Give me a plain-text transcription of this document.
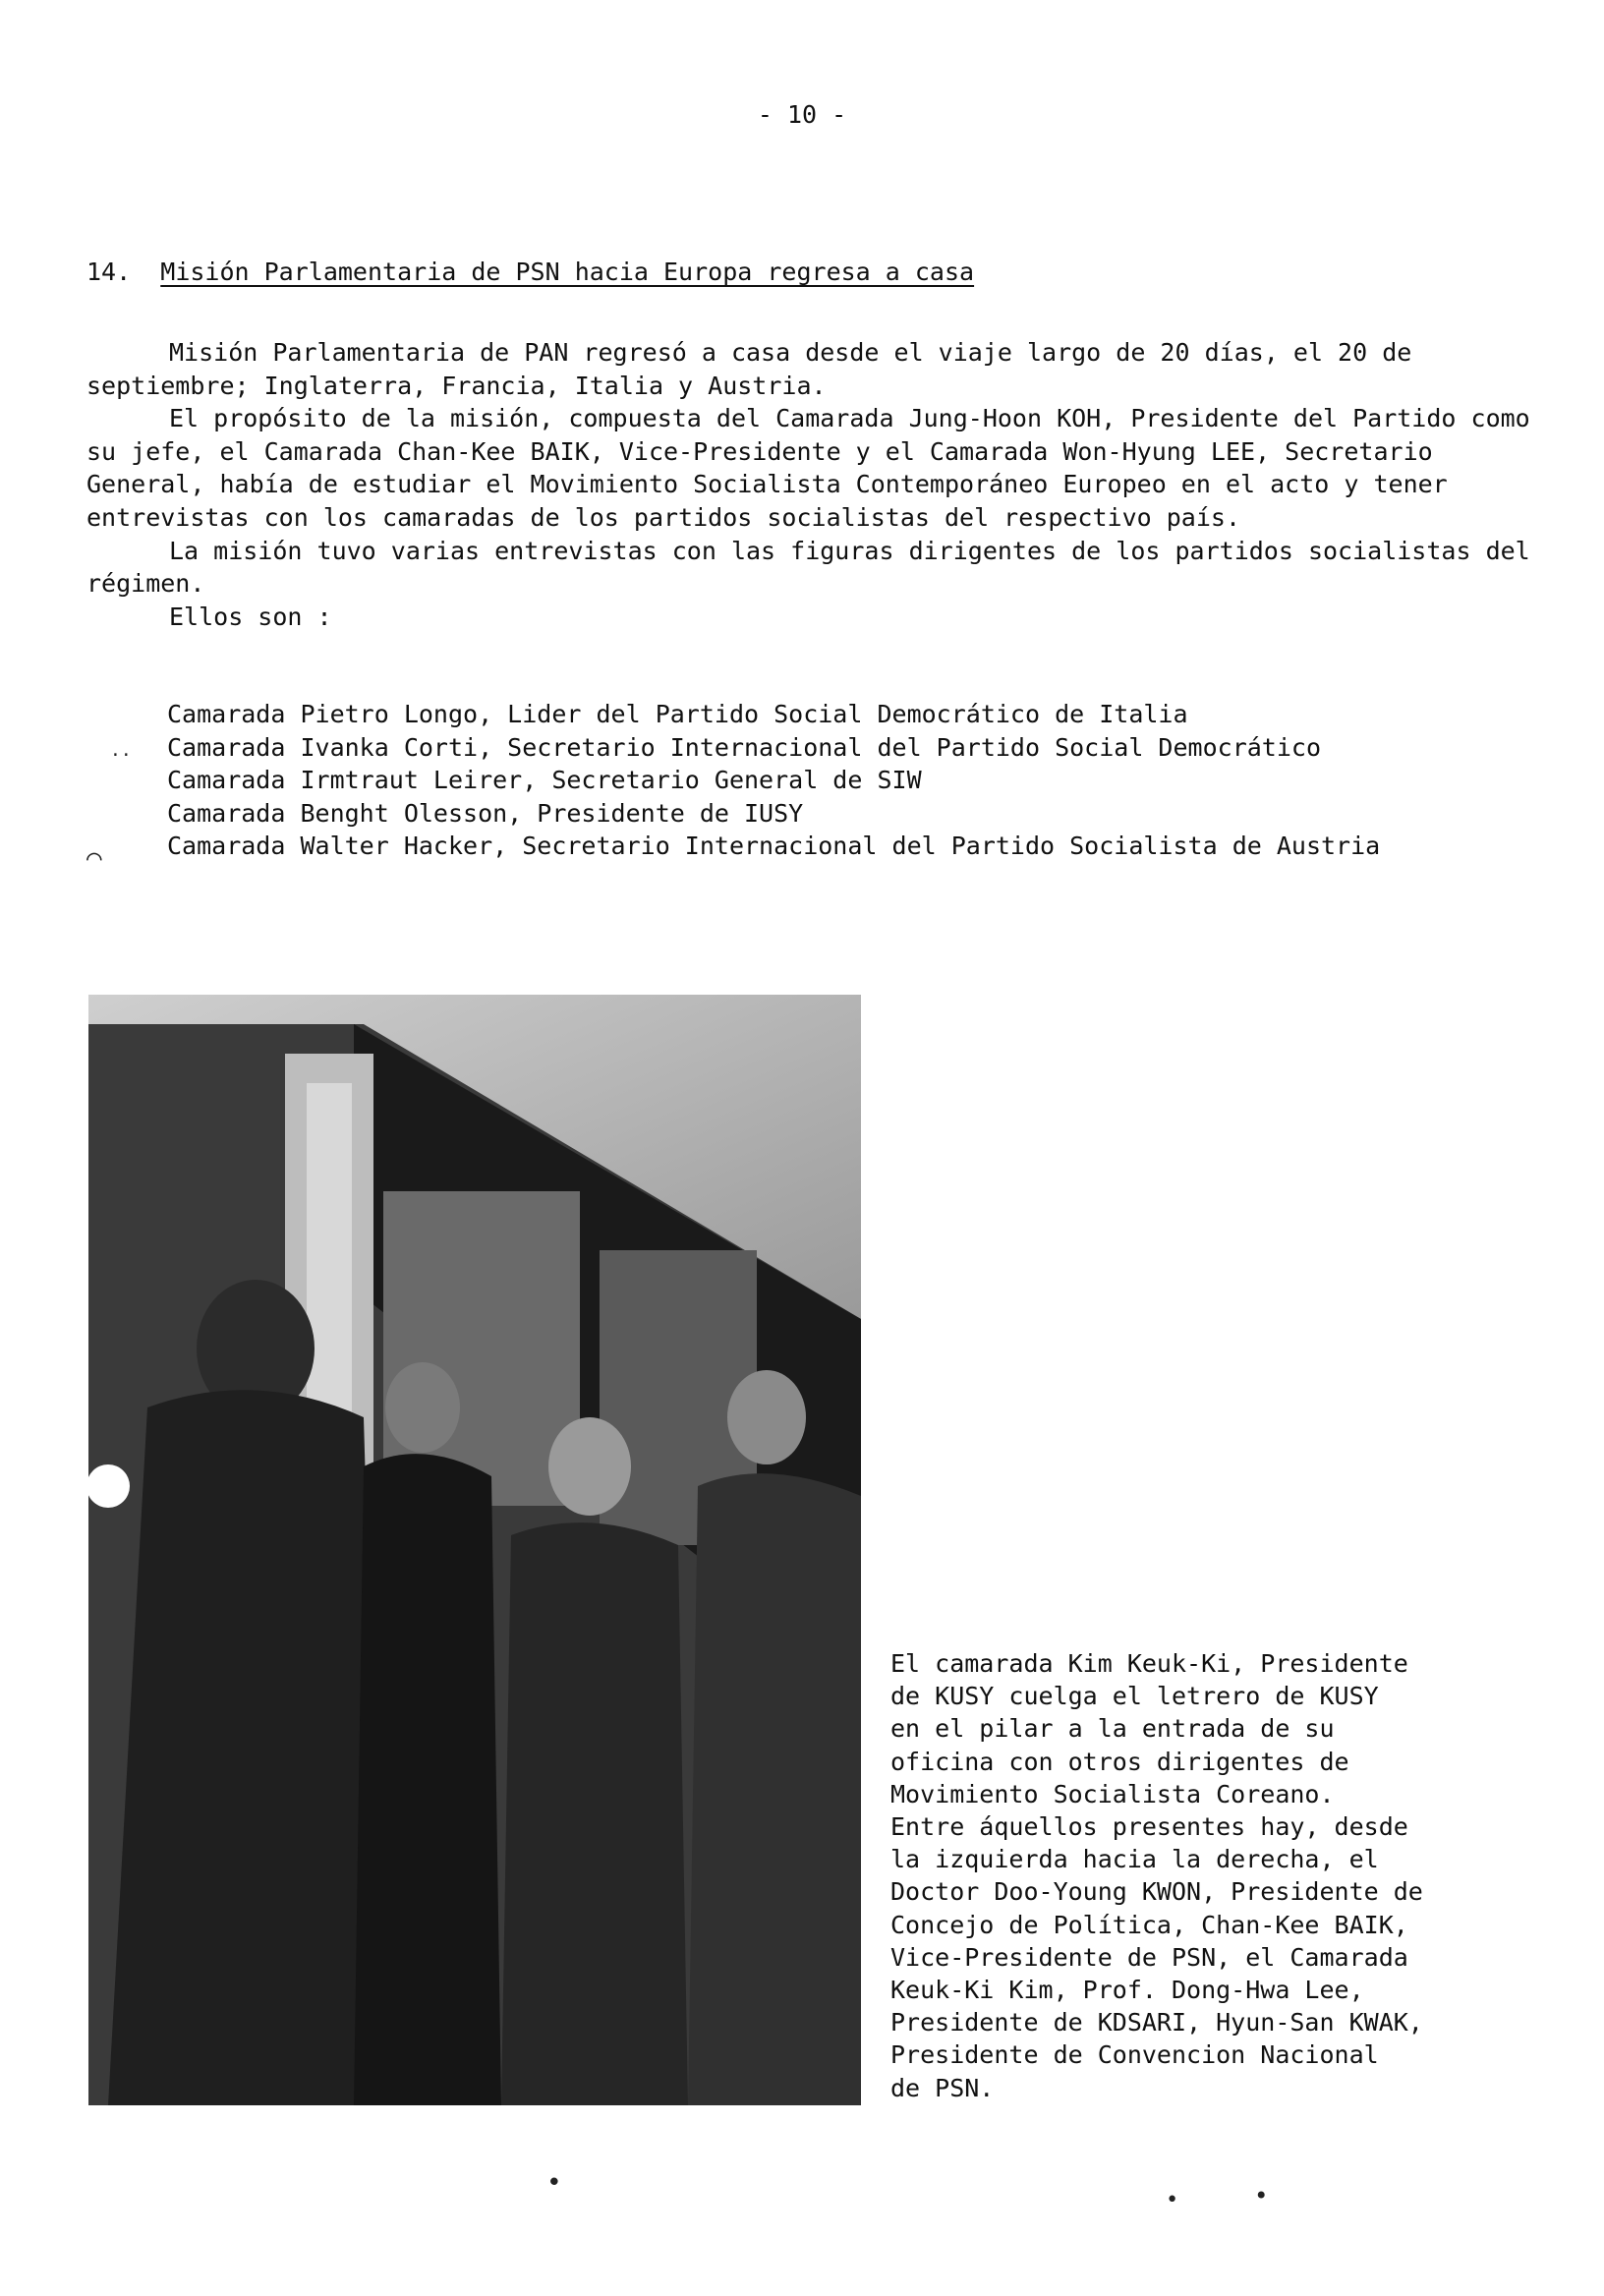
- 10 -
14. Misión Parlamentaria de PSN hacia Europa regresa a casa

Misión Parlamentaria de PAN regresó a casa desde el viaje largo de 20 días, el 20 de septiembre; Inglaterra, Francia, Italia y Austria.

El propósito de la misión, compuesta del Camarada Jung-Hoon KOH, Presidente del Partido como su jefe, el Camarada Chan-Kee BAIK, Vice-Presidente y el Camarada Won-Hyung LEE, Secretario General, había de estudiar el Movimiento Socialista Contemporáneo Europeo en el acto y tener entrevistas con los camaradas de los partidos socialistas del respectivo país.

La misión tuvo varias entrevistas con las figuras dirigentes de los partidos socialistas del régimen.

Ellos son :

Camarada Pietro Longo, Lider del Partido Social Democrático de Italia
Camarada Ivanka Corti, Secretario Internacional del Partido Social Democrático
Camarada Irmtraut Leirer, Secretario General de SIW
Camarada Benght Olesson, Presidente de IUSY
Camarada Walter Hacker, Secretario Internacional del Partido Socialista de Austria
El camarada Kim Keuk-Ki, Presidente
de KUSY cuelga el letrero de KUSY
en el pilar a la entrada de su
oficina con otros dirigentes de
Movimiento Socialista Coreano.
Entre áquellos presentes hay, desde
la izquierda hacia la derecha, el
Doctor Doo-Young KWON, Presidente de
Concejo de Política, Chan-Kee BAIK,
Vice-Presidente de PSN, el Camarada
Keuk-Ki Kim, Prof. Dong-Hwa Lee,
Presidente de KDSARI, Hyun-San KWAK,
Presidente de Convencion Nacional
de PSN.
··
⌒
•
•	•
